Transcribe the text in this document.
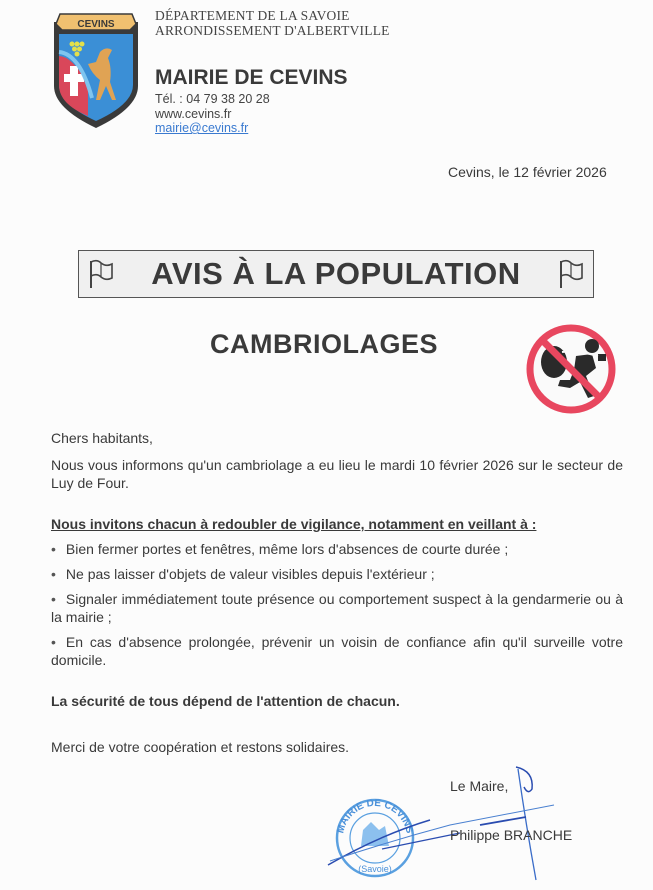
CEVINS
DÉPARTEMENT DE LA SAVOIE
ARRONDISSEMENT D'ALBERTVILLE
MAIRIE DE CEVINS
Tél. : 04 79 38 20 28
www.cevins.fr
mairie@cevins.fr
Cevins, le 12 février 2026
AVIS À LA POPULATION
CAMBRIOLAGES
Chers habitants,
Nous vous informons qu'un cambriolage a eu lieu le mardi 10 février 2026 sur le secteur de Luy de Four.
Nous invitons chacun à redoubler de vigilance, notamment en veillant à :
• Bien fermer portes et fenêtres, même lors d'absences de courte durée ;
• Ne pas laisser d'objets de valeur visibles depuis l'extérieur ;
• Signaler immédiatement toute présence ou comportement suspect à la gendarmerie ou à la mairie ;
• En cas d'absence prolongée, prévenir un voisin de confiance afin qu'il surveille votre domicile.
La sécurité de tous dépend de l'attention de chacun.
Merci de votre coopération et restons solidaires.
MAIRIE DE CEVINS
(Savoie)
Le Maire,
Philippe BRANCHE
